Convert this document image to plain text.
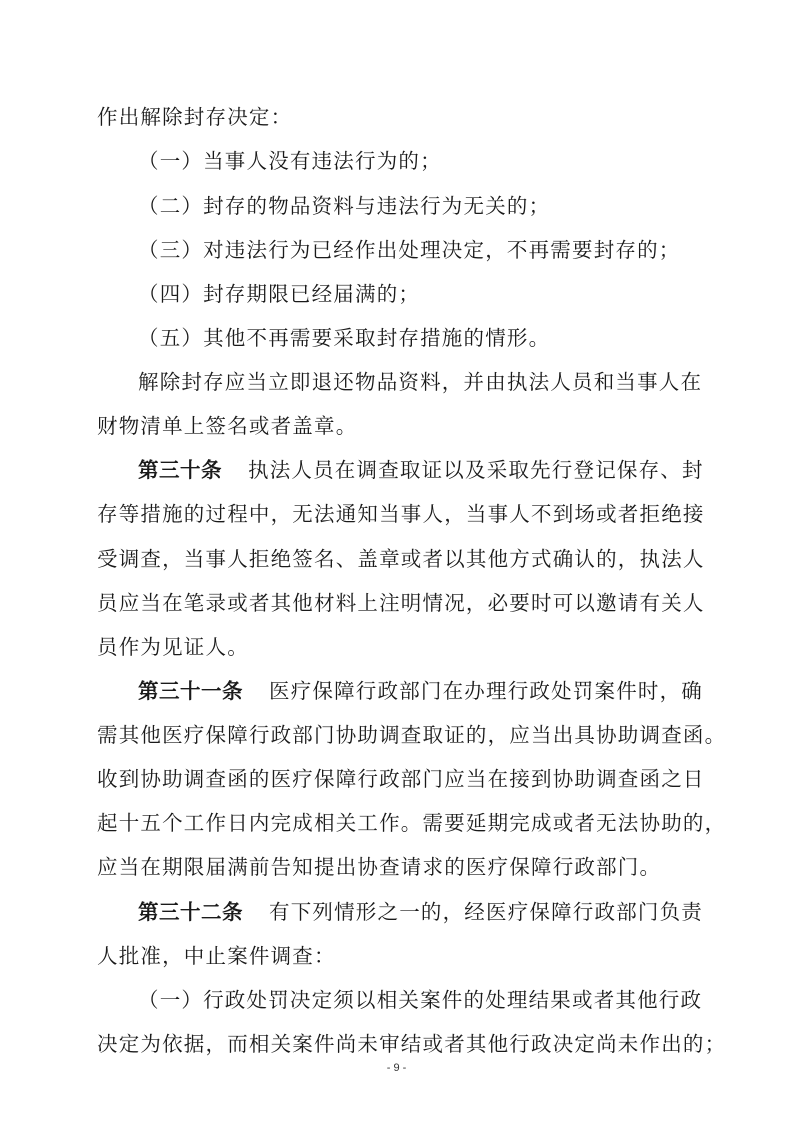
作出解除封存决定：
（一）当事人没有违法行为的；
（二）封存的物品资料与违法行为无关的；
（三）对违法行为已经作出处理决定，不再需要封存的；
（四）封存期限已经届满的；
（五）其他不再需要采取封存措施的情形。
解除封存应当立即退还物品资料，并由执法人员和当事人在
财物清单上签名或者盖章。
第三十条 执法人员在调查取证以及采取先行登记保存、封
存等措施的过程中，无法通知当事人，当事人不到场或者拒绝接
受调查，当事人拒绝签名、盖章或者以其他方式确认的，执法人
员应当在笔录或者其他材料上注明情况，必要时可以邀请有关人
员作为见证人。
第三十一条 医疗保障行政部门在办理行政处罚案件时，确
需其他医疗保障行政部门协助调查取证的，应当出具协助调查函。
收到协助调查函的医疗保障行政部门应当在接到协助调查函之日
起十五个工作日内完成相关工作。需要延期完成或者无法协助的，
应当在期限届满前告知提出协查请求的医疗保障行政部门。
第三十二条 有下列情形之一的，经医疗保障行政部门负责
人批准，中止案件调查：
（一）行政处罚决定须以相关案件的处理结果或者其他行政
决定为依据，而相关案件尚未审结或者其他行政决定尚未作出的；
- 9 -
